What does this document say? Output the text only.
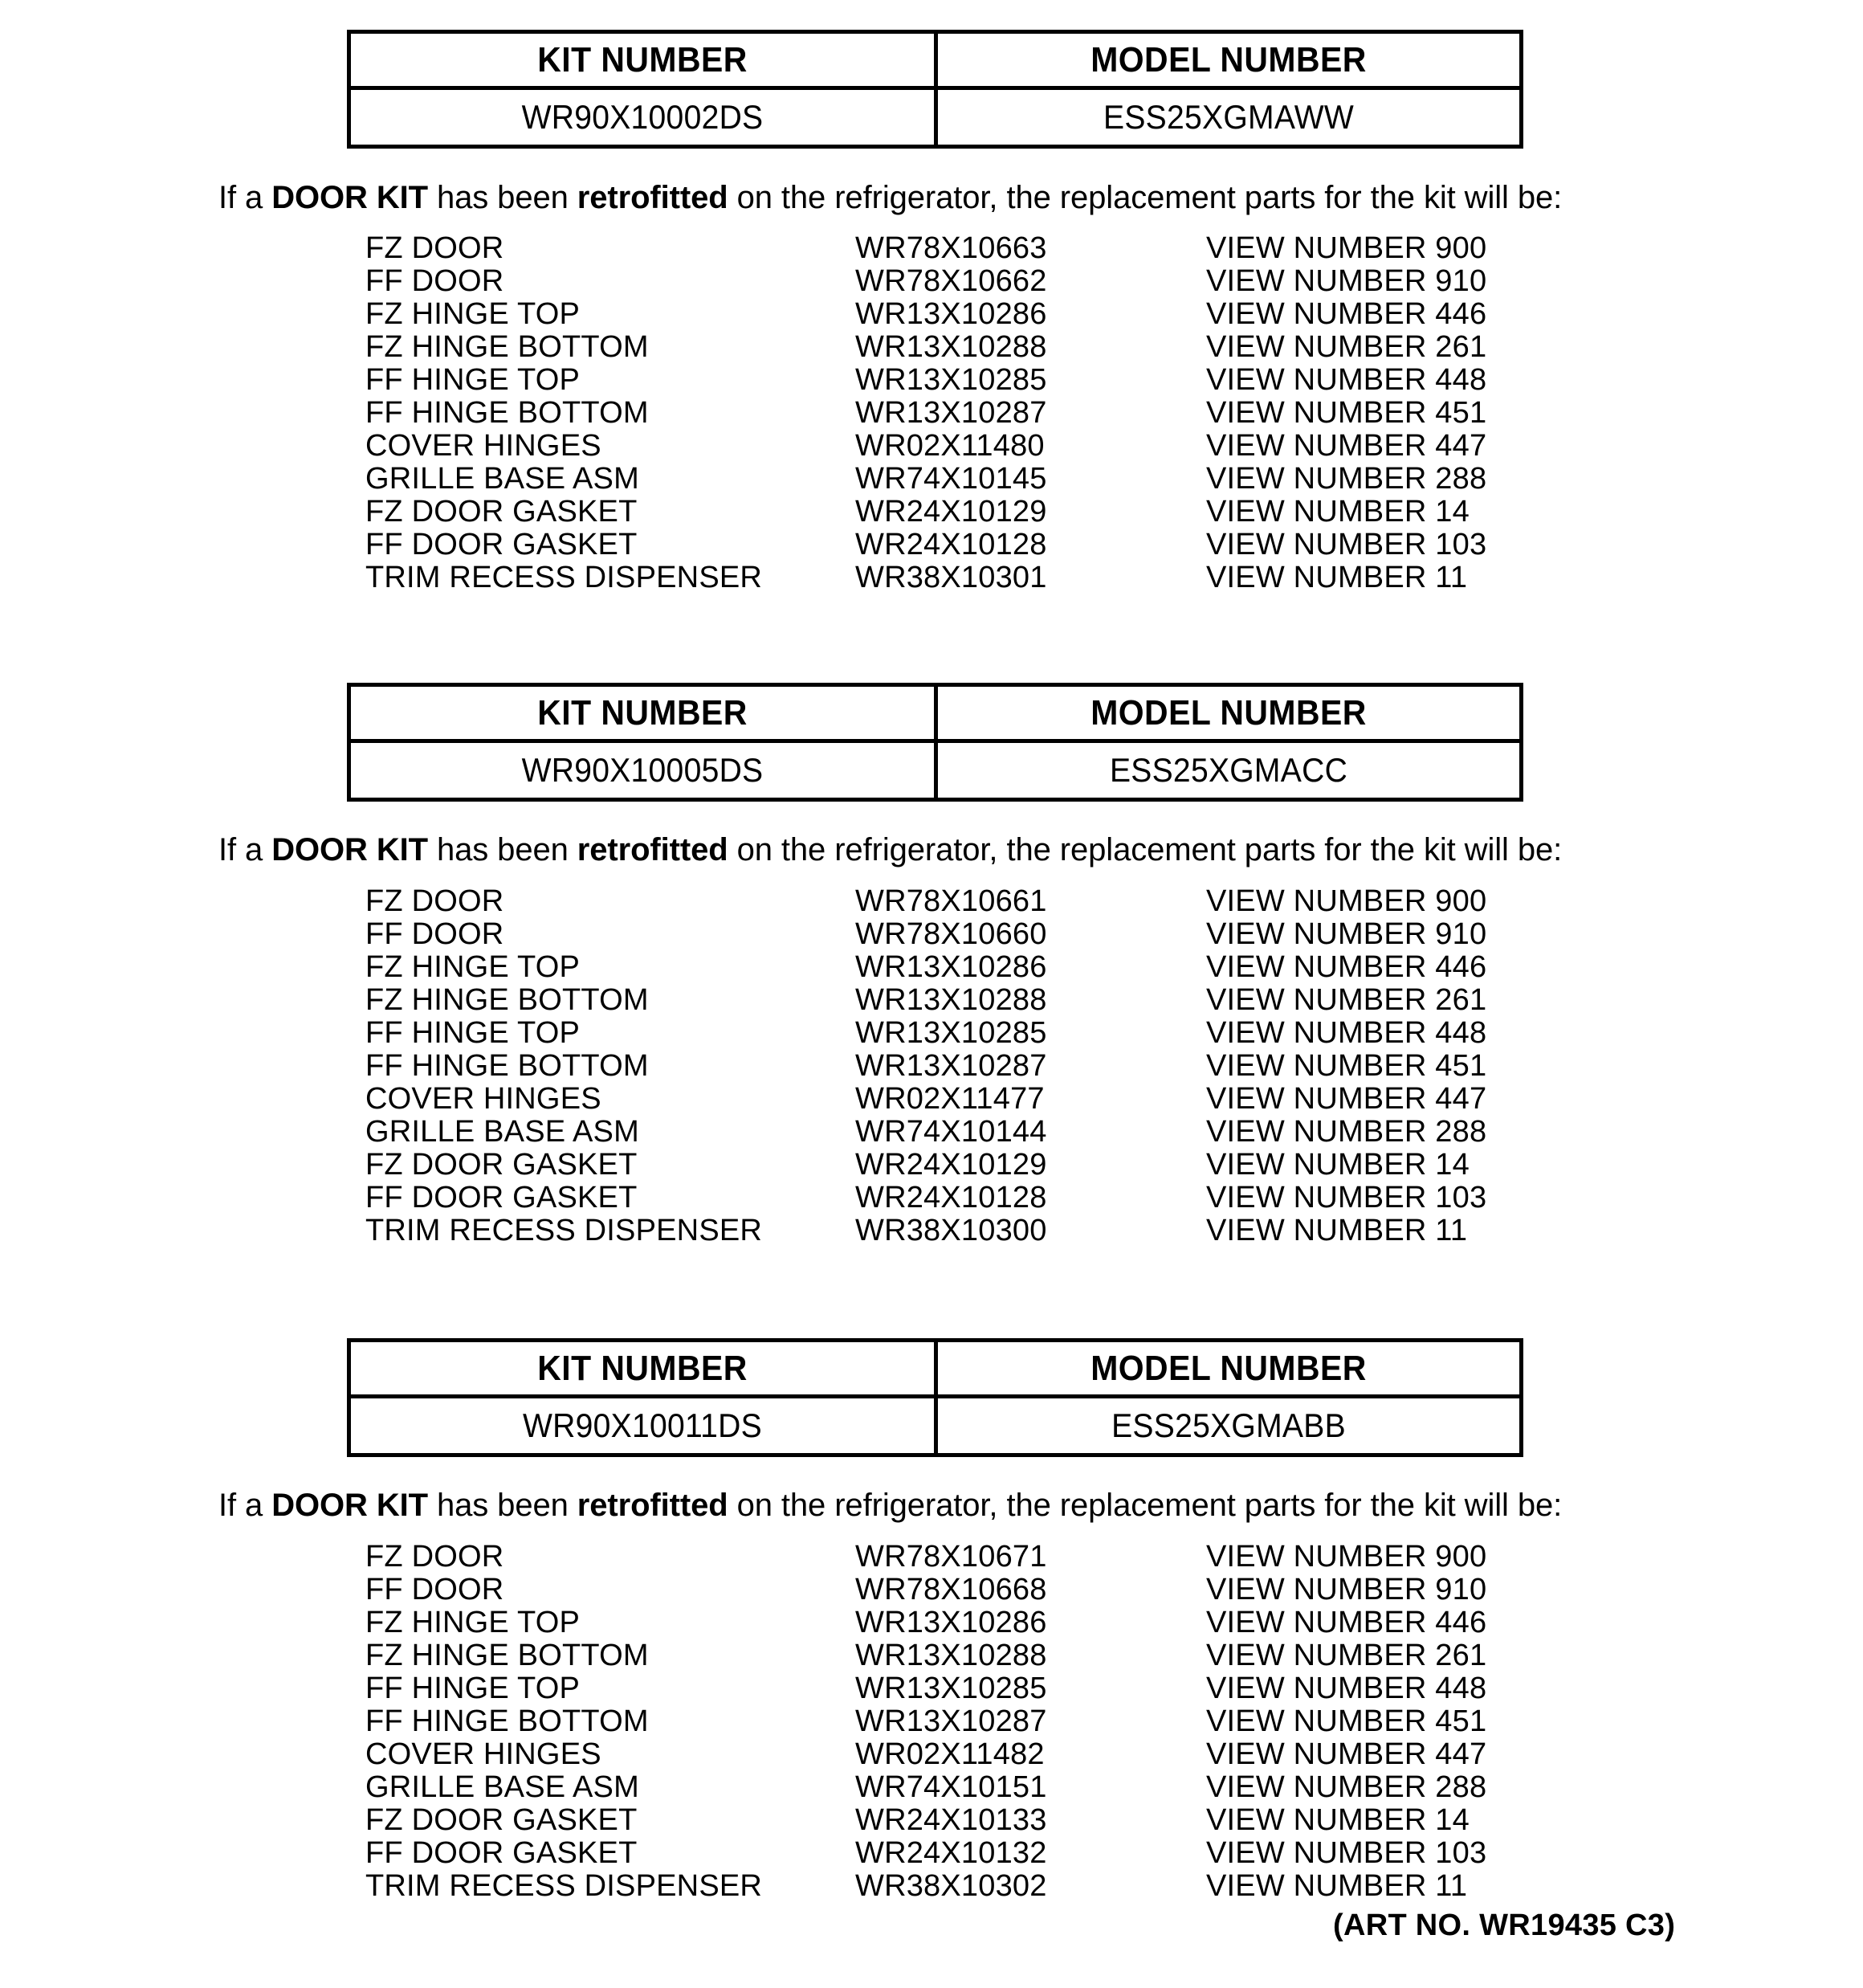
KIT NUMBER	MODEL NUMBER

WR90X10002DS	ESS25XGMAWW
If a DOOR KIT has been retrofitted on the refrigerator, the replacement parts for the kit will be:
FZ DOOR	WR78X10663	VIEW NUMBER 900
FF DOOR	WR78X10662	VIEW NUMBER 910
FZ HINGE TOP	WR13X10286	VIEW NUMBER 446
FZ HINGE BOTTOM	WR13X10288	VIEW NUMBER 261
FF HINGE TOP	WR13X10285	VIEW NUMBER 448
FF HINGE BOTTOM	WR13X10287	VIEW NUMBER 451
COVER HINGES	WR02X11480	VIEW NUMBER 447
GRILLE BASE ASM	WR74X10145	VIEW NUMBER 288
FZ DOOR GASKET	WR24X10129	VIEW NUMBER 14
FF DOOR GASKET	WR24X10128	VIEW NUMBER 103
TRIM RECESS DISPENSER	WR38X10301	VIEW NUMBER 11
KIT NUMBER	MODEL NUMBER

WR90X10005DS	ESS25XGMACC
If a DOOR KIT has been retrofitted on the refrigerator, the replacement parts for the kit will be:
FZ DOOR	WR78X10661	VIEW NUMBER 900
FF DOOR	WR78X10660	VIEW NUMBER 910
FZ HINGE TOP	WR13X10286	VIEW NUMBER 446
FZ HINGE BOTTOM	WR13X10288	VIEW NUMBER 261
FF HINGE TOP	WR13X10285	VIEW NUMBER 448
FF HINGE BOTTOM	WR13X10287	VIEW NUMBER 451
COVER HINGES	WR02X11477	VIEW NUMBER 447
GRILLE BASE ASM	WR74X10144	VIEW NUMBER 288
FZ DOOR GASKET	WR24X10129	VIEW NUMBER 14
FF DOOR GASKET	WR24X10128	VIEW NUMBER 103
TRIM RECESS DISPENSER	WR38X10300	VIEW NUMBER 11
KIT NUMBER	MODEL NUMBER

WR90X10011DS	ESS25XGMABB
If a DOOR KIT has been retrofitted on the refrigerator, the replacement parts for the kit will be:
FZ DOOR	WR78X10671	VIEW NUMBER 900
FF DOOR	WR78X10668	VIEW NUMBER 910
FZ HINGE TOP	WR13X10286	VIEW NUMBER 446
FZ HINGE BOTTOM	WR13X10288	VIEW NUMBER 261
FF HINGE TOP	WR13X10285	VIEW NUMBER 448
FF HINGE BOTTOM	WR13X10287	VIEW NUMBER 451
COVER HINGES	WR02X11482	VIEW NUMBER 447
GRILLE BASE ASM	WR74X10151	VIEW NUMBER 288
FZ DOOR GASKET	WR24X10133	VIEW NUMBER 14
FF DOOR GASKET	WR24X10132	VIEW NUMBER 103
TRIM RECESS DISPENSER	WR38X10302	VIEW NUMBER 11
(ART NO. WR19435 C3)
